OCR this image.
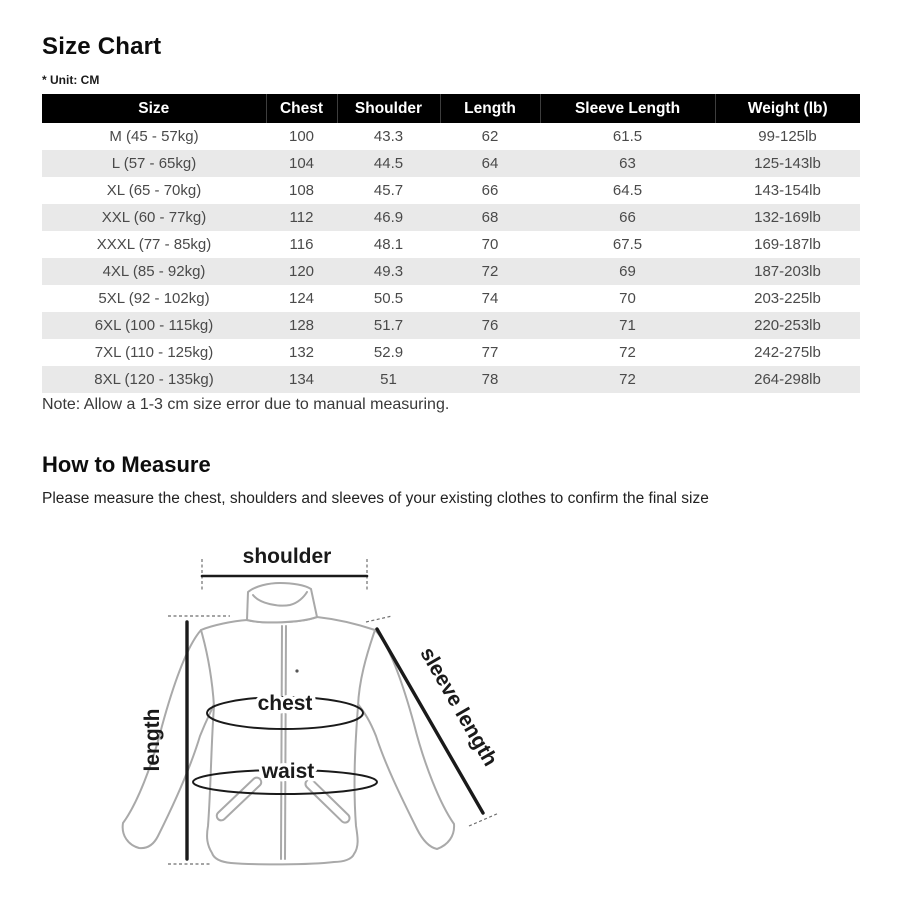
Size Chart
* Unit: CM
Size	Chest	Shoulder	Length	Sleeve Length	Weight (lb)
M (45 - 57kg)	100	43.3	62	61.5	99-125lb
L (57 - 65kg)	104	44.5	64	63	125-143lb
XL (65 - 70kg)	108	45.7	66	64.5	143-154lb
XXL (60 - 77kg)	112	46.9	68	66	132-169lb
XXXL (77 - 85kg)	116	48.1	70	67.5	169-187lb
4XL (85 - 92kg)	120	49.3	72	69	187-203lb
5XL (92 - 102kg)	124	50.5	74	70	203-225lb
6XL (100 - 115kg)	128	51.7	76	71	220-253lb
7XL (110 - 125kg)	132	52.9	77	72	242-275lb
8XL (120 - 135kg)	134	51	78	72	264-298lb
Note: Allow a 1-3 cm size error due to manual measuring.
How to Measure
Please measure the chest, shoulders and sleeves of your existing clothes to confirm the final size
shoulder
length
chest
waist
sleeve length
